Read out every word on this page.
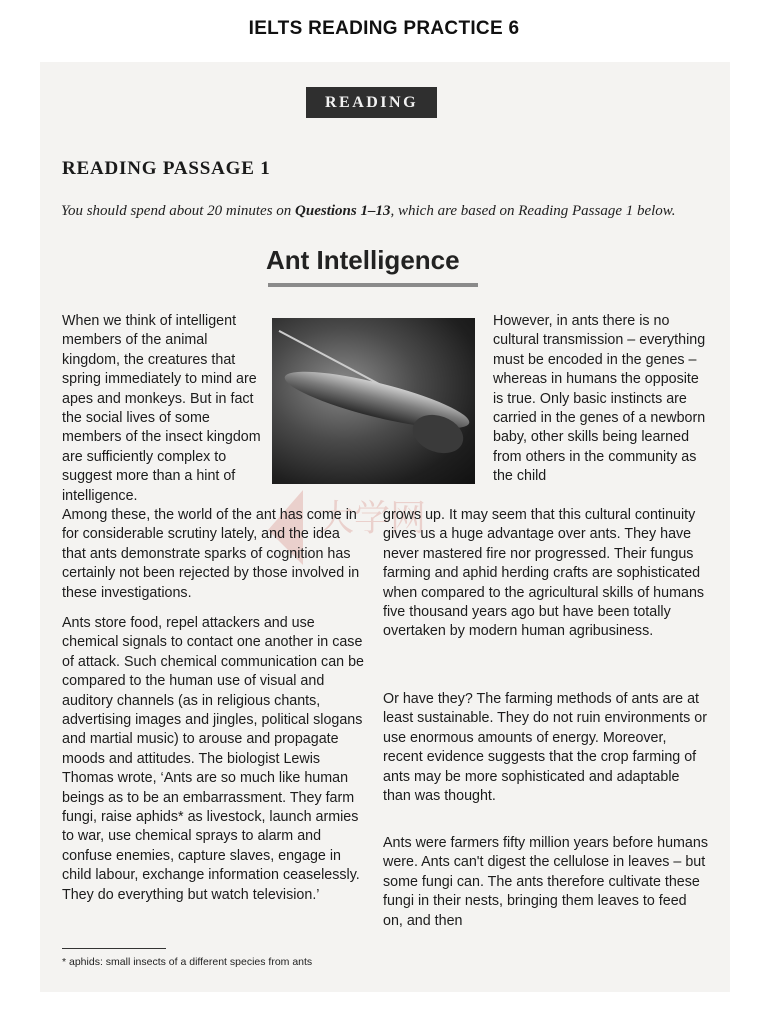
IELTS READING PRACTICE 6
READING
READING PASSAGE 1
You should spend about 20 minutes on Questions 1–13, which are based on Reading Passage 1 below.
Ant Intelligence
大学网

When we think of intelligent members of the animal kingdom, the creatures that spring immediately to mind are apes and monkeys. But in fact the social lives of some members of the insect kingdom are sufficiently complex to suggest more than a hint of intelligence.

Among these, the world of the ant has come in for considerable scrutiny lately, and the idea that ants demonstrate sparks of cognition has certainly not been rejected by those involved in these investigations.

Ants store food, repel attackers and use chemical signals to contact one another in case of attack. Such chemical communication can be compared to the human use of visual and auditory channels (as in religious chants, advertising images and jingles, political slogans and martial music) to arouse and propagate moods and attitudes. The biologist Lewis Thomas wrote, ‘Ants are so much like human beings as to be an embarrassment. They farm fungi, raise aphids* as livestock, launch armies to war, use chemical sprays to alarm and confuse enemies, capture slaves, engage in child labour, exchange information ceaselessly. They do everything but watch television.’

However, in ants there is no cultural transmission – everything must be encoded in the genes – whereas in humans the opposite is true. Only basic instincts are carried in the genes of a newborn baby, other skills being learned from others in the community as the child

grows up. It may seem that this cultural continuity gives us a huge advantage over ants. They have never mastered fire nor progressed. Their fungus farming and aphid herding crafts are sophisticated when compared to the agricultural skills of humans five thousand years ago but have been totally overtaken by modern human agribusiness.

Or have they? The farming methods of ants are at least sustainable. They do not ruin environments or use enormous amounts of energy. Moreover, recent evidence suggests that the crop farming of ants may be more sophisticated and adaptable than was thought.

Ants were farmers fifty million years before humans were. Ants can't digest the cellulose in leaves – but some fungi can. The ants therefore cultivate these fungi in their nests, bringing them leaves to feed on, and then

* aphids: small insects of a different species from ants
